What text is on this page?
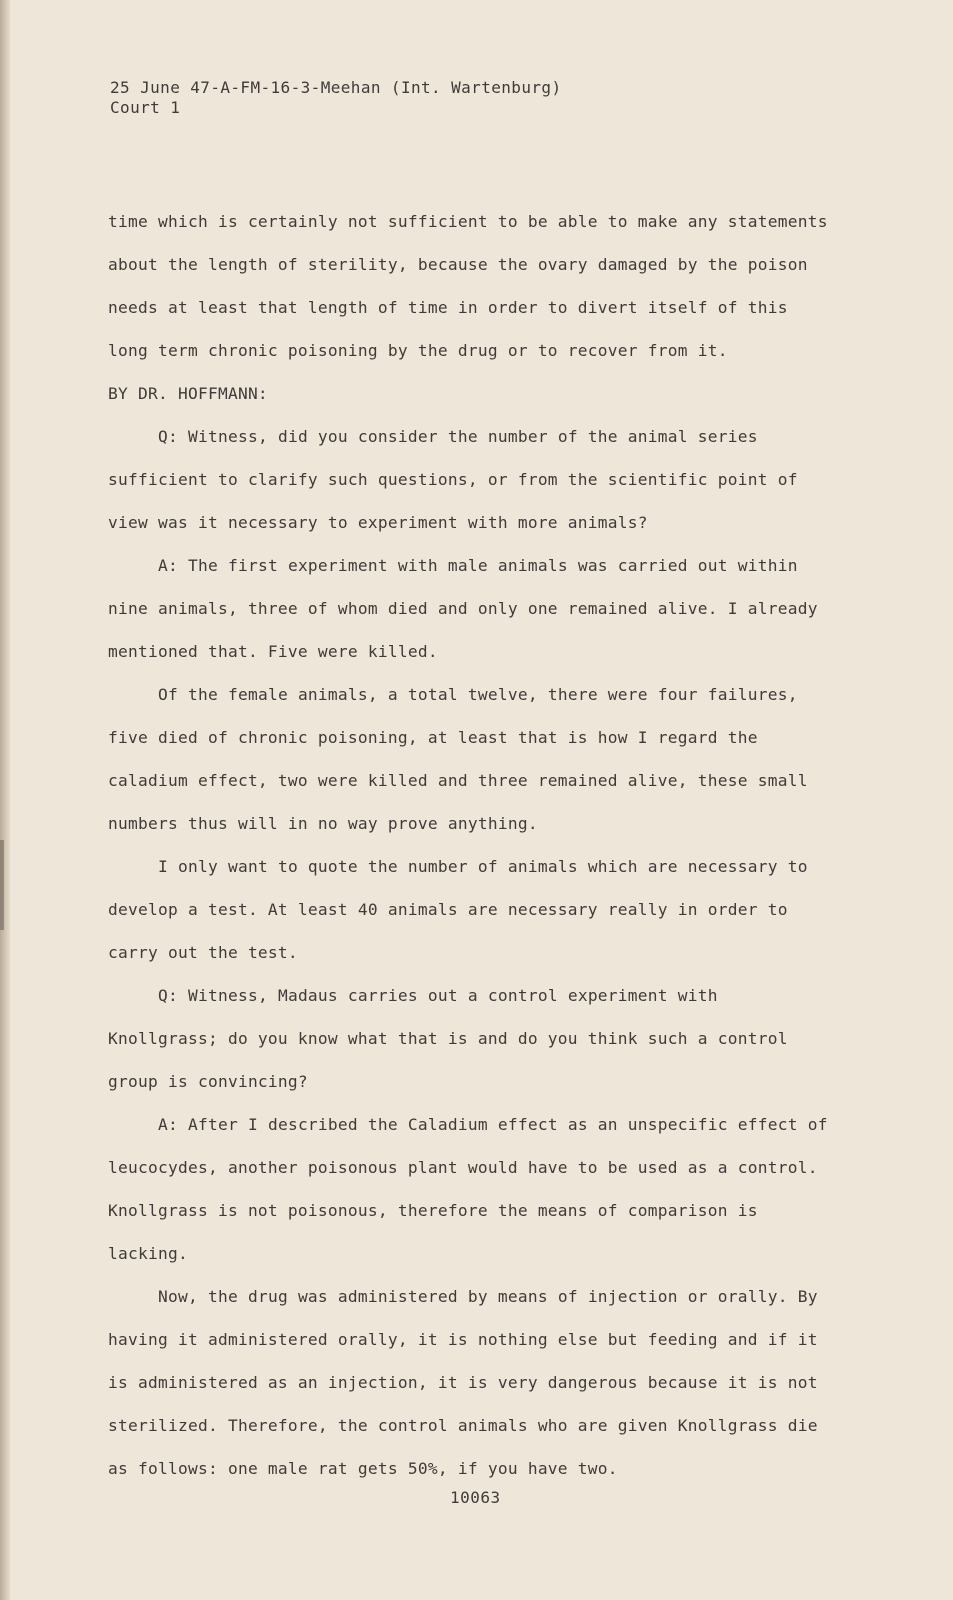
25 June 47-A-FM-16-3-Meehan (Int. Wartenburg)
Court 1

time which is certainly not sufficient to be able to make any statements about the length of sterility, because the ovary damaged by the poison needs at least that length of time in order to divert itself of this long term chronic poisoning by the drug or to recover from it.

BY DR. HOFFMANN:

Q: Witness, did you consider the number of the animal series sufficient to clarify such questions, or from the scientific point of view was it necessary to experiment with more animals?

A: The first experiment with male animals was carried out within nine animals, three of whom died and only one remained alive. I already mentioned that. Five were killed.

Of the female animals, a total twelve, there were four failures, five died of chronic poisoning, at least that is how I regard the caladium effect, two were killed and three remained alive, these small numbers thus will in no way prove anything.

I only want to quote the number of animals which are necessary to develop a test. At least 40 animals are necessary really in order to carry out the test.

Q: Witness, Madaus carries out a control experiment with Knollgrass; do you know what that is and do you think such a control group is convincing?

A: After I described the Caladium effect as an unspecific effect of leucocydes, another poisonous plant would have to be used as a control. Knollgrass is not poisonous, therefore the means of comparison is lacking.

Now, the drug was administered by means of injection or orally. By having it administered orally, it is nothing else but feeding and if it is administered as an injection, it is very dangerous because it is not sterilized. Therefore, the control animals who are given Knollgrass die as follows: one male rat gets 50%, if you have two.

10063
